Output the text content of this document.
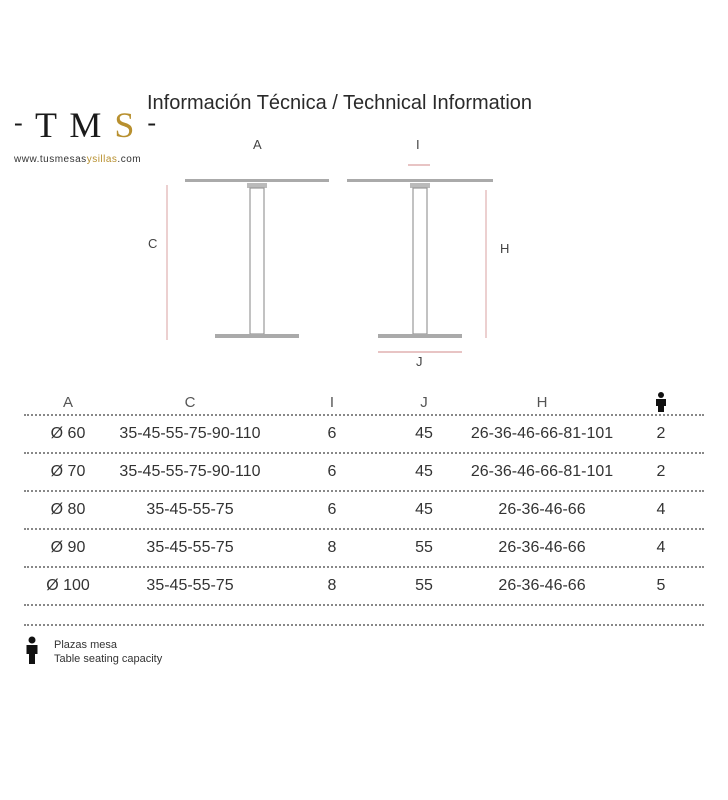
- T M S -
www.tusmesasysillas.com
Información Técnica / Technical Information
A
C
I
H
J
A	C	I	J	H
Ø 60 35-45-55-75-90-110	6	45 26-36-46-66-81-101	2
Ø 70 35-45-55-75-90-110	6	45 26-36-46-66-81-101	2
Ø 80	35-45-55-75	6	45	26-36-46-66	4
Ø 90	35-45-55-75	8	55	26-36-46-66	4
Ø 100	35-45-55-75	8	55	26-36-46-66	5
Plazas mesa
Table seating capacity
